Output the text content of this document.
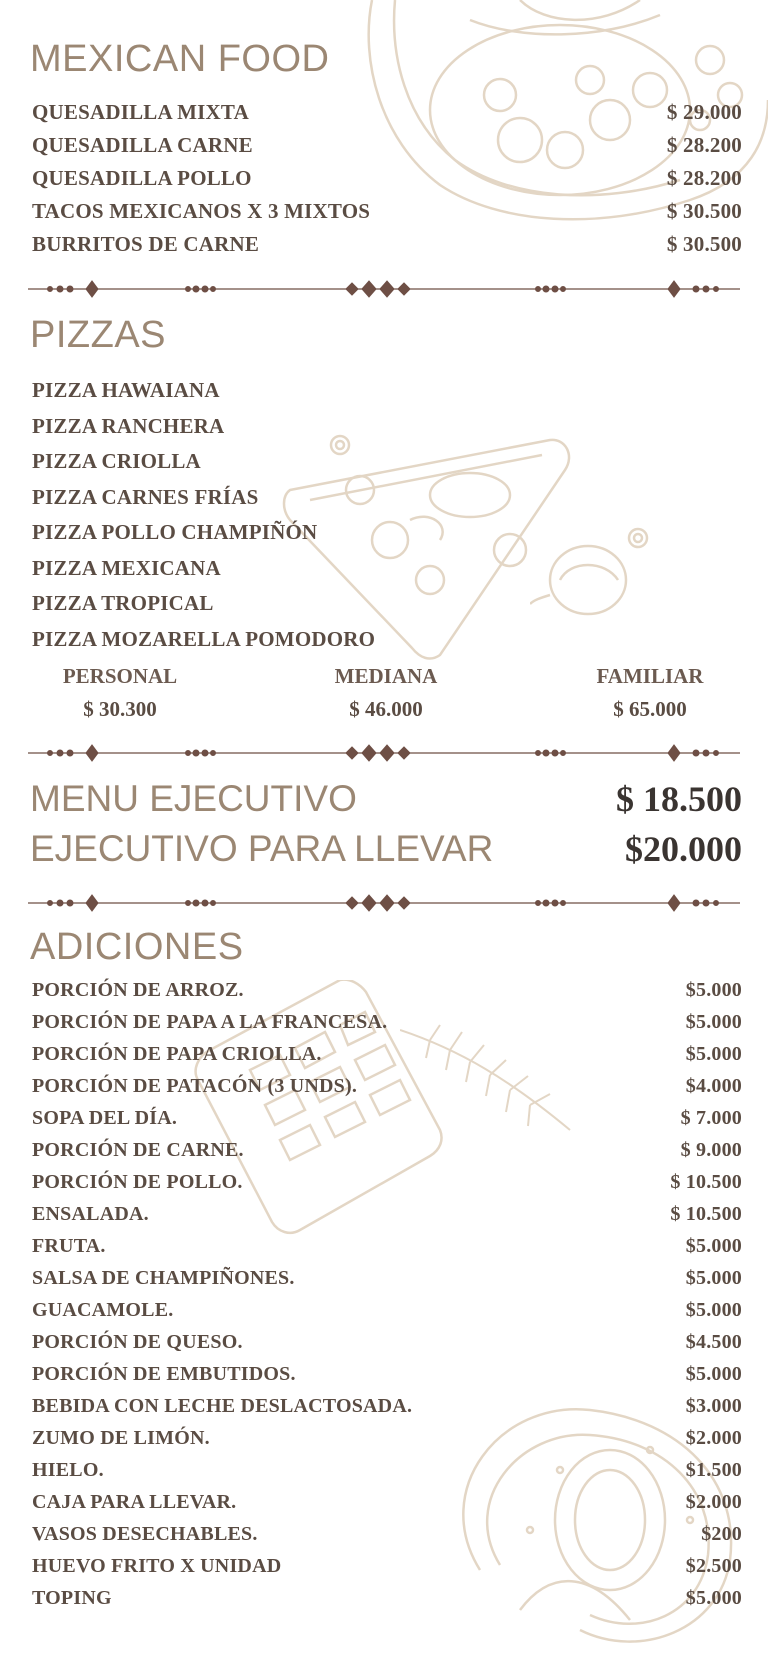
MEXICAN FOOD
QUESADILLA MIXTA	$ 29.000
QUESADILLA CARNE	$ 28.200
QUESADILLA POLLO	$ 28.200
TACOS MEXICANOS X 3 MIXTOS	$ 30.500
BURRITOS DE CARNE	$ 30.500
PIZZAS
PIZZA HAWAIANA
PIZZA RANCHERA
PIZZA CRIOLLA
PIZZA CARNES FRÍAS
PIZZA POLLO CHAMPIÑÓN
PIZZA MEXICANA
PIZZA TROPICAL
PIZZA MOZARELLA POMODORO
PERSONAL
$ 30.300
MEDIANA
$ 46.000
FAMILIAR
$ 65.000
MENU EJECUTIVO	$ 18.500
EJECUTIVO PARA LLEVAR	$20.000
ADICIONES
PORCIÓN DE ARROZ.	$5.000
PORCIÓN DE PAPA A LA FRANCESA.	$5.000
PORCIÓN DE PAPA CRIOLLA.	$5.000
PORCIÓN DE PATACÓN (3 UNDS).	$4.000
SOPA DEL DÍA.	$ 7.000
PORCIÓN DE CARNE.	$ 9.000
PORCIÓN DE POLLO.	$ 10.500
ENSALADA.	$ 10.500
FRUTA.	$5.000
SALSA DE CHAMPIÑONES.	$5.000
GUACAMOLE.	$5.000
PORCIÓN DE QUESO.	$4.500
PORCIÓN DE EMBUTIDOS.	$5.000
BEBIDA CON LECHE DESLACTOSADA.	$3.000
ZUMO DE LIMÓN.	$2.000
HIELO.	$1.500
CAJA PARA LLEVAR.	$2.000
VASOS DESECHABLES.	$200
HUEVO FRITO X UNIDAD	$2.500
TOPING	$5.000
